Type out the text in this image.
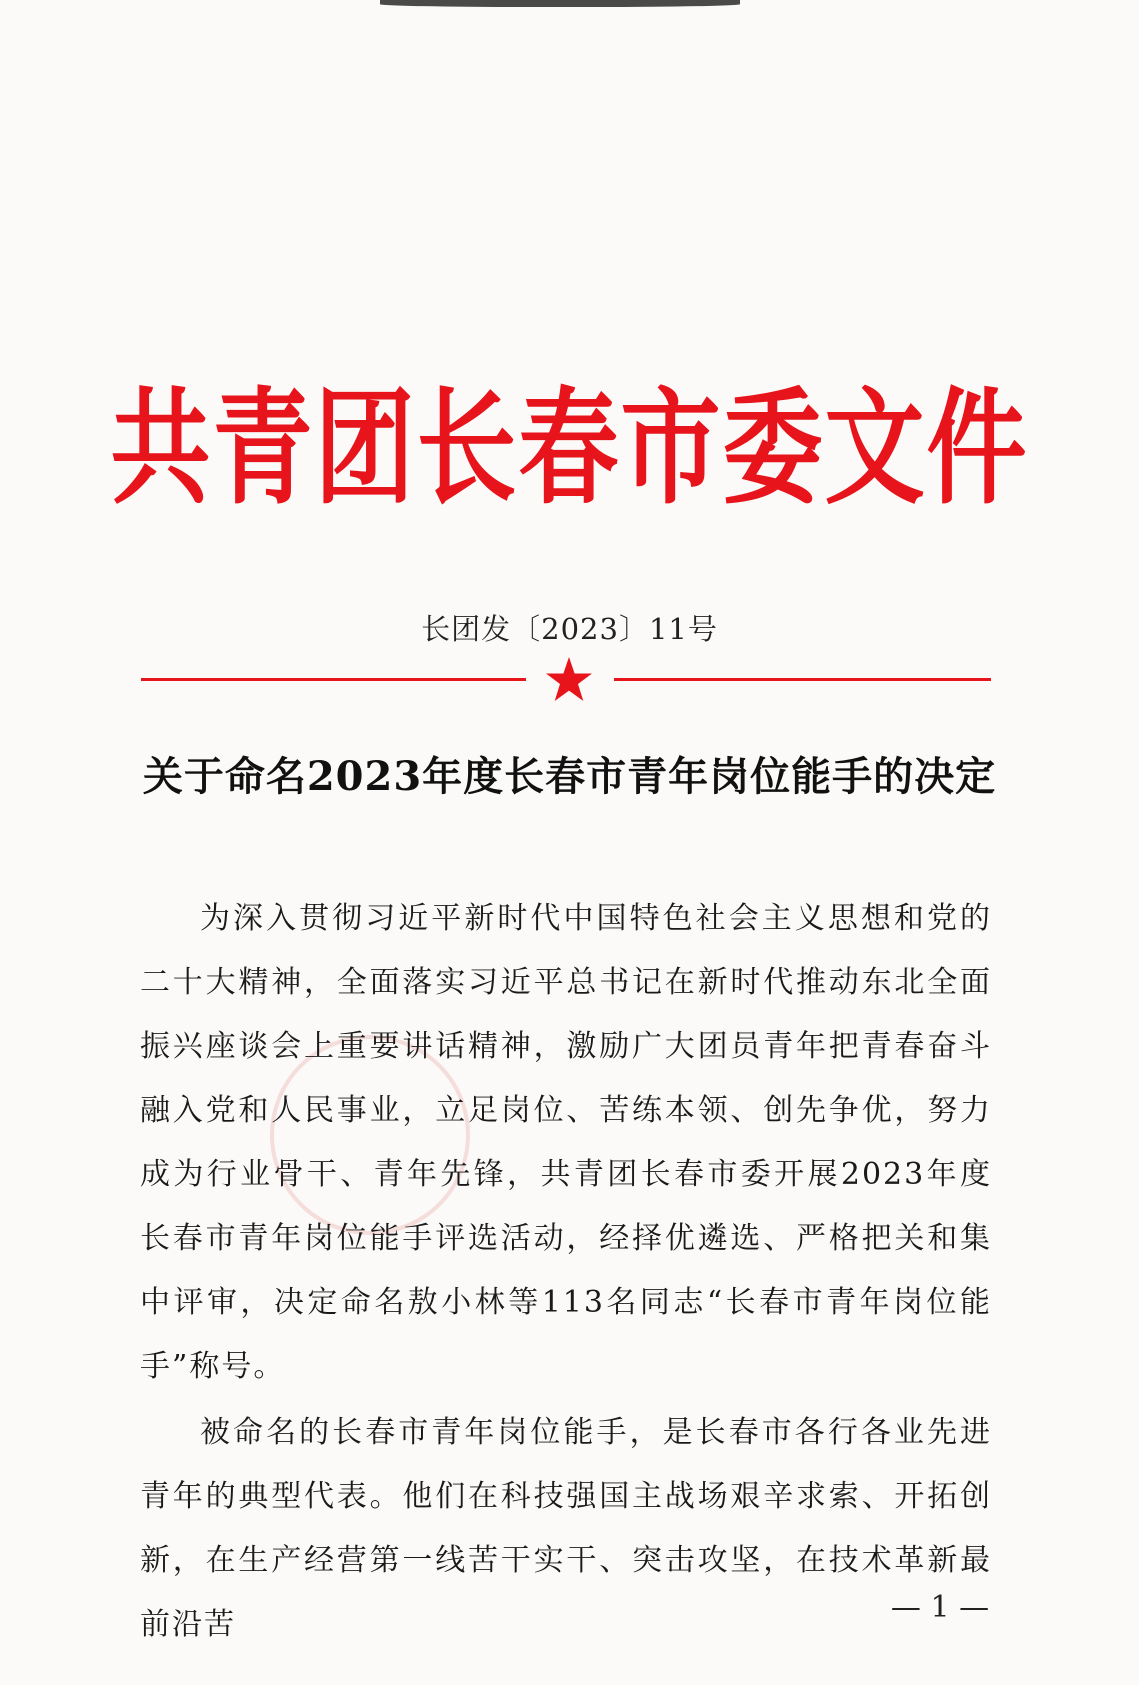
共青团长春市委文件
长团发〔2023〕11号
关于命名2023年度长春市青年岗位能手的决定

为深入贯彻习近平新时代中国特色社会主义思想和党的二十大精神，全面落实习近平总书记在新时代推动东北全面振兴座谈会上重要讲话精神，激励广大团员青年把青春奋斗融入党和人民事业，立足岗位、苦练本领、创先争优，努力成为行业骨干、青年先锋，共青团长春市委开展2023年度长春市青年岗位能手评选活动，经择优遴选、严格把关和集中评审，决定命名敖小林等113名同志“长春市青年岗位能手”称号。

被命名的长春市青年岗位能手，是长春市各行各业先进青年的典型代表。他们在科技强国主战场艰辛求索、开拓创新，在生产经营第一线苦干实干、突击攻坚，在技术革新最前沿苦	— 1 —
